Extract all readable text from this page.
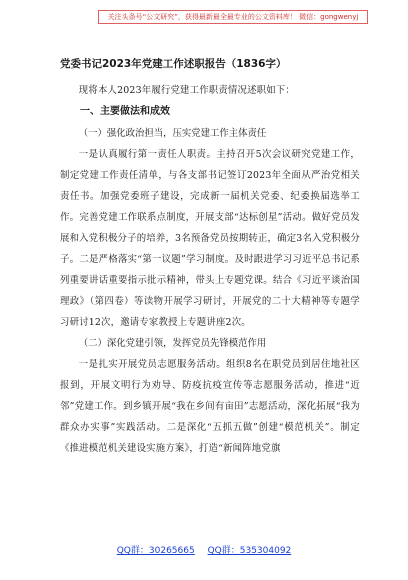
关注头条号“公文研究”，获得最新最全最专业的公文资料库！ 微信：gongwenyj
党委书记2023年党建工作述职报告（1836字）

现将本人2023年履行党建工作职责情况述职如下：

一、主要做法和成效

（一）强化政治担当，压实党建工作主体责任

一是认真履行第一责任人职责。主持召开5次会议研究党建工作，制定党建工作责任清单，与各支部书记签订2023年全面从严治党相关责任书。加强党委班子建设，完成新一届机关党委、纪委换届选举工作。完善党建工作联系点制度，开展支部“达标创星”活动。做好党员发展和入党积极分子的培养，3名预备党员按期转正，确定3名入党积极分子。二是严格落实“第一议题”学习制度。及时跟进学习习近平总书记系列重要讲话重要指示批示精神，带头上专题党课。结合《习近平谈治国理政》（第四卷）等读物开展学习研讨，开展党的二十大精神等专题学习研讨12次，邀请专家教授上专题讲座2次。

（二）深化党建引领，发挥党员先锋模范作用

一是扎实开展党员志愿服务活动。组织8名在职党员到居住地社区报到，开展文明行为劝导、防疫抗疫宣传等志愿服务活动，推进“近邻”党建工作。到乡镇开展“我在乡间有亩田”志愿活动，深化拓展“我为群众办实事”实践活动。二是深化“五抓五做”创建“模范机关”。制定《推进模范机关建设实施方案》，打造“新闻阵地党旗

QQ群：30265665 QQ群：535304092
